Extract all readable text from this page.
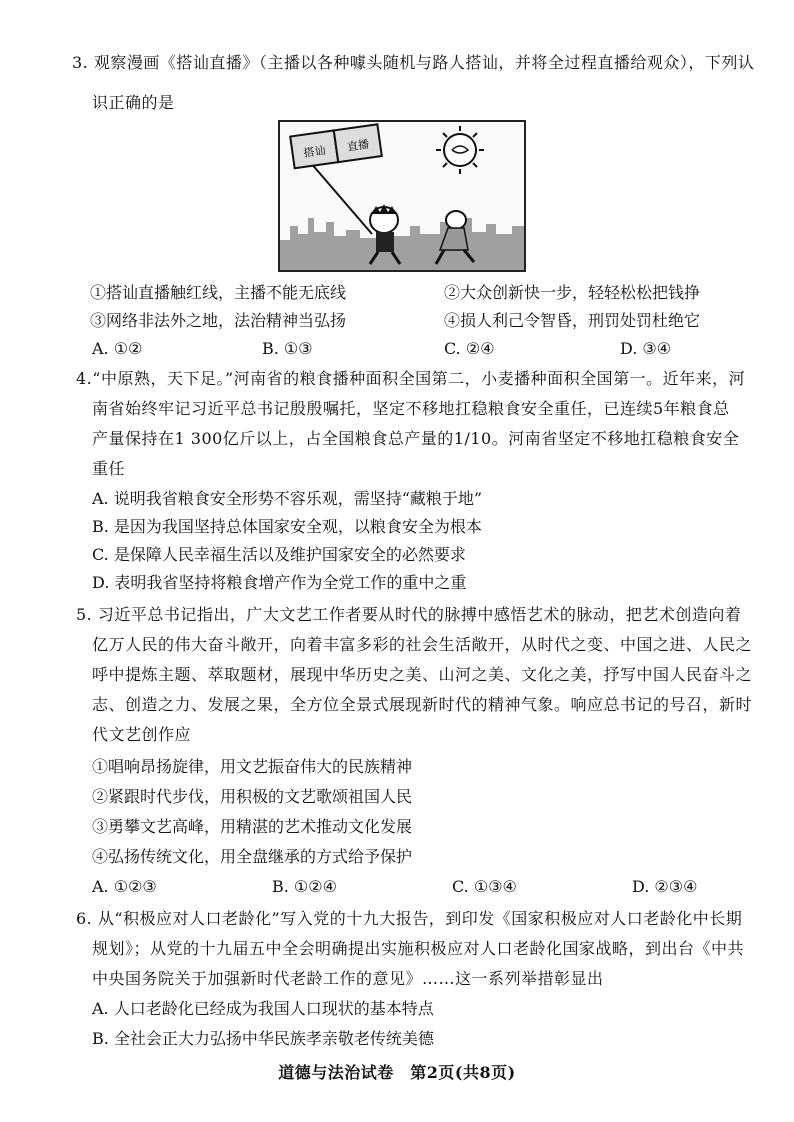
3. 观察漫画《搭讪直播》（主播以各种噱头随机与路人搭讪，并将全过程直播给观众），下列认
识正确的是
搭讪 直播
①搭讪直播触红线，主播不能无底线	②大众创新快一步，轻轻松松把钱挣
③网络非法外之地，法治精神当弘扬	④损人利己令智昏，刑罚处罚杜绝它
A. ①②	B. ①③	C. ②④	D. ③④
4.“中原熟，天下足。”河南省的粮食播种面积全国第二，小麦播种面积全国第一。近年来，河
南省始终牢记习近平总书记殷殷嘱托，坚定不移地扛稳粮食安全重任，已连续5年粮食总
产量保持在1 300亿斤以上，占全国粮食总产量的1/10。河南省坚定不移地扛稳粮食安全
重任
A. 说明我省粮食安全形势不容乐观，需坚持“藏粮于地”
B. 是因为我国坚持总体国家安全观，以粮食安全为根本
C. 是保障人民幸福生活以及维护国家安全的必然要求
D. 表明我省坚持将粮食增产作为全党工作的重中之重
5. 习近平总书记指出，广大文艺工作者要从时代的脉搏中感悟艺术的脉动，把艺术创造向着
亿万人民的伟大奋斗敞开，向着丰富多彩的社会生活敞开，从时代之变、中国之进、人民之
呼中提炼主题、萃取题材，展现中华历史之美、山河之美、文化之美，抒写中国人民奋斗之
志、创造之力、发展之果，全方位全景式展现新时代的精神气象。响应总书记的号召，新时
代文艺创作应
①唱响昂扬旋律，用文艺振奋伟大的民族精神
②紧跟时代步伐，用积极的文艺歌颂祖国人民
③勇攀文艺高峰，用精湛的艺术推动文化发展
④弘扬传统文化，用全盘继承的方式给予保护
A. ①②③	B. ①②④	C. ①③④	D. ②③④
6. 从“积极应对人口老龄化”写入党的十九大报告，到印发《国家积极应对人口老龄化中长期
规划》；从党的十九届五中全会明确提出实施积极应对人口老龄化国家战略，到出台《中共
中央国务院关于加强新时代老龄工作的意见》……这一系列举措彰显出
A. 人口老龄化已经成为我国人口现状的基本特点
B. 全社会正大力弘扬中华民族孝亲敬老传统美德
道德与法治试卷　第2页(共8页)
